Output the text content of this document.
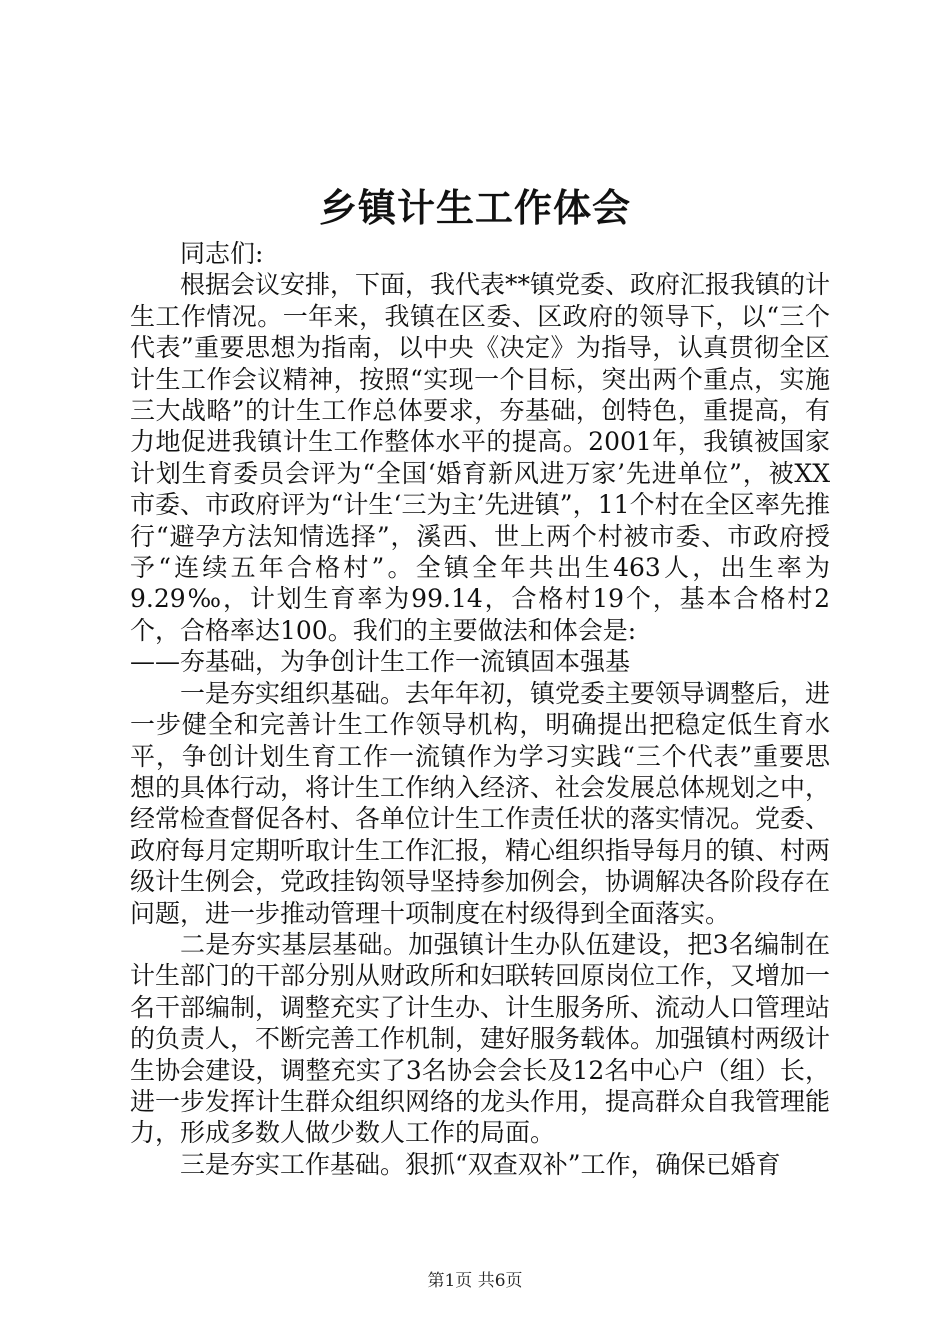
乡镇计生工作体会

同志们:

根据会议安排，下面，我代表**镇党委、政府汇报我镇的计生工作情况。一年来，我镇在区委、区政府的领导下，以“三个代表”重要思想为指南，以中央《决定》为指导，认真贯彻全区计生工作会议精神，按照“实现一个目标，突出两个重点，实施三大战略”的计生工作总体要求，夯基础，创特色，重提高，有力地促进我镇计生工作整体水平的提高。2001年，我镇被国家计划生育委员会评为“全国‘婚育新风进万家’先进单位”，被XX市委、市政府评为“计生‘三为主’先进镇”，11个村在全区率先推行“避孕方法知情选择”，溪西、世上两个村被市委、市政府授予“连续五年合格村”。全镇全年共出生463人，出生率为9.29‰，计划生育率为99.14，合格村19个，基本合格村2个，合格率达100。我们的主要做法和体会是:

——夯基础，为争创计生工作一流镇固本强基

一是夯实组织基础。去年年初，镇党委主要领导调整后，进一步健全和完善计生工作领导机构，明确提出把稳定低生育水平，争创计划生育工作一流镇作为学习实践“三个代表”重要思想的具体行动，将计生工作纳入经济、社会发展总体规划之中，经常检查督促各村、各单位计生工作责任状的落实情况。党委、政府每月定期听取计生工作汇报，精心组织指导每月的镇、村两级计生例会，党政挂钩领导坚持参加例会，协调解决各阶段存在问题，进一步推动管理十项制度在村级得到全面落实。

二是夯实基层基础。加强镇计生办队伍建设，把3名编制在计生部门的干部分别从财政所和妇联转回原岗位工作，又增加一名干部编制，调整充实了计生办、计生服务所、流动人口管理站的负责人，不断完善工作机制，建好服务载体。加强镇村两级计生协会建设，调整充实了3名协会会长及12名中心户（组）长，进一步发挥计生群众组织网络的龙头作用，提高群众自我管理能力，形成多数人做少数人工作的局面。

三是夯实工作基础。狠抓“双查双补”工作，确保已婚育

第1页 共6页
